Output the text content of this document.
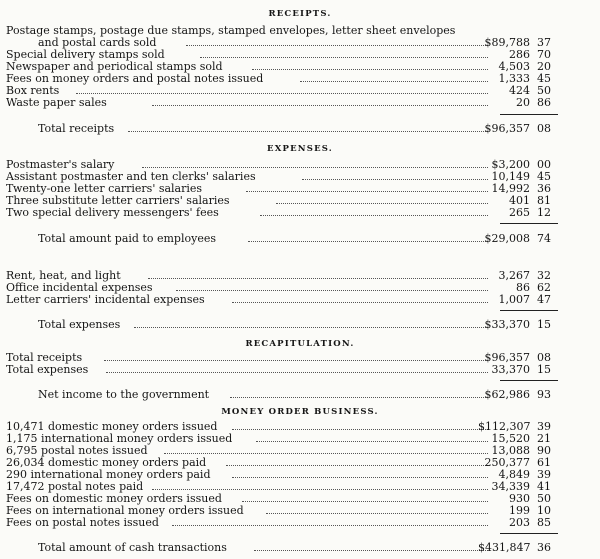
RECEIPTS.
Postage stamps, postage due stamps, stamped envelopes, letter sheet envelopes
and postal cards sold	$89,788 37
Special delivery stamps sold	286 70
Newspaper and periodical stamps sold	4,503 20
Fees on money orders and postal notes issued	1,333 45
Box rents	424 50
Waste paper sales	20 86
Total receipts	$96,357 08
EXPENSES.
Postmaster's salary	$3,200 00
Assistant postmaster and ten clerks' salaries	10,149 45
Twenty-one letter carriers' salaries	14,992 36
Three substitute letter carriers' salaries	401 81
Two special delivery messengers' fees	265 12
Total amount paid to employees	$29,008 74
Rent, heat, and light	3,267 32
Office incidental expenses	86 62
Letter carriers' incidental expenses	1,007 47
Total expenses	$33,370 15
RECAPITULATION.
Total receipts	$96,357 08
Total expenses	33,370 15
Net income to the government	$62,986 93
MONEY ORDER BUSINESS.
10,471 domestic money orders issued	$112,307 39
1,175 international money orders issued	15,520 21
6,795 postal notes issued	13,088 90
26,034 domestic money orders paid	250,377 61
290 international money orders paid	4,849 39
17,472 postal notes paid	34,339 41
Fees on domestic money orders issued	930 50
Fees on international money orders issued	199 10
Fees on postal notes issued	203 85
Total amount of cash transactions	$431,847 36
